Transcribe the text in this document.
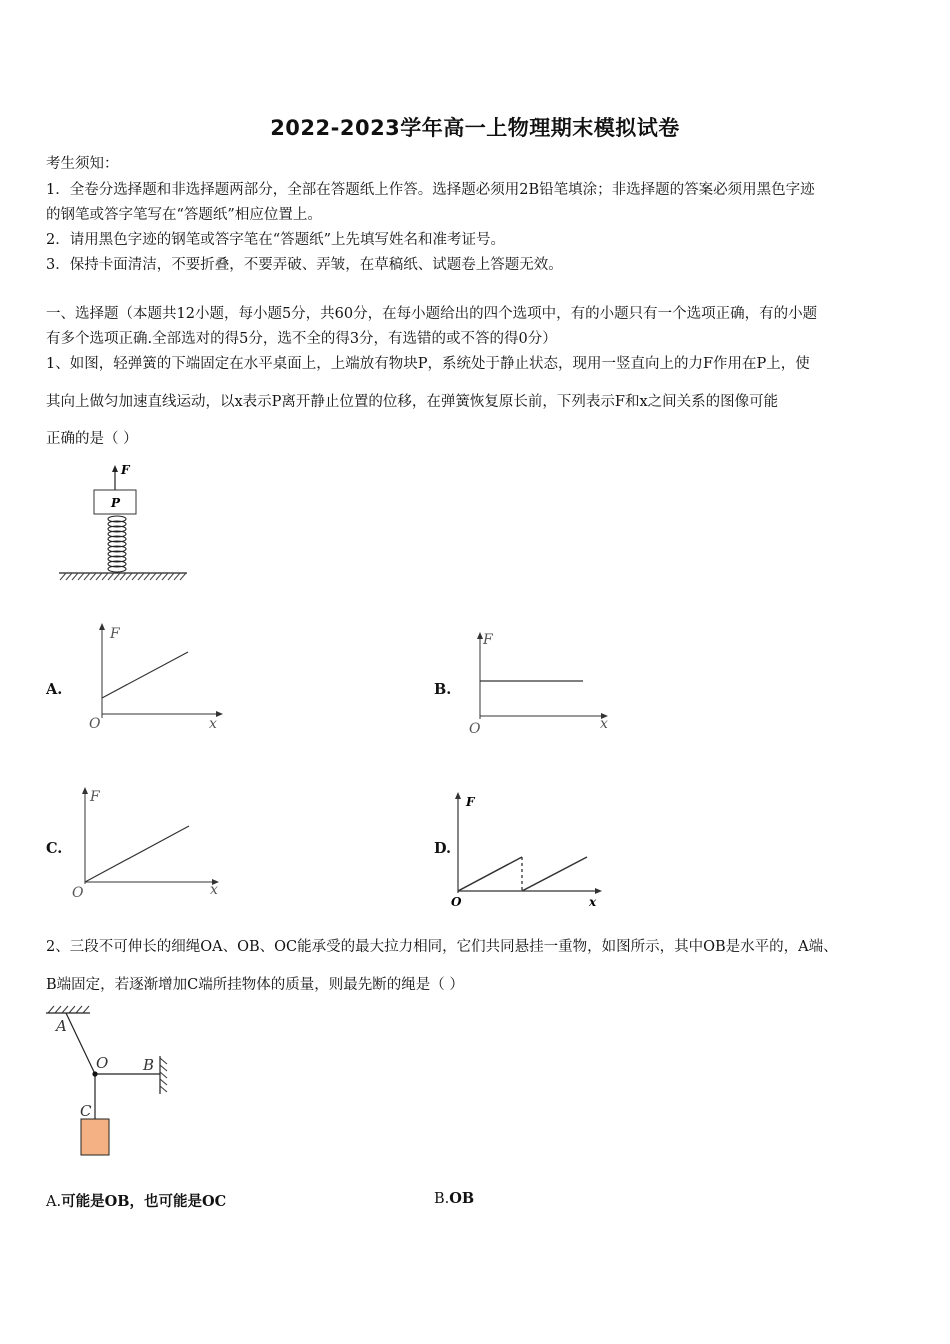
2022-2023学年高一上物理期末模拟试卷
考生须知：
1．全卷分选择题和非选择题两部分，全部在答题纸上作答。选择题必须用2B铅笔填涂；非选择题的答案必须用黑色字迹
的钢笔或答字笔写在“答题纸”相应位置上。
2．请用黑色字迹的钢笔或答字笔在“答题纸”上先填写姓名和准考证号。
3．保持卡面清洁，不要折叠，不要弄破、弄皱，在草稿纸、试题卷上答题无效。
一、选择题（本题共12小题，每小题5分，共60分，在每小题给出的四个选项中，有的小题只有一个选项正确，有的小题
有多个选项正确.全部选对的得5分，选不全的得3分，有选错的或不答的得0分）
1、如图，轻弹簧的下端固定在水平桌面上，上端放有物块P，系统处于静止状态，现用一竖直向上的力F作用在P上，使
其向上做匀加速直线运动，以x表示P离开静止位置的位移，在弹簧恢复原长前，下列表示F和x之间关系的图像可能
正确的是（ ）
F
P
A.
F
O	x
B.
F
O	x
C.
F
O	x
D.
F
O	x
2、三段不可伸长的细绳OA、OB、OC能承受的最大拉力相同，它们共同悬挂一重物，如图所示，其中OB是水平的，A端、
B端固定，若逐渐增加C端所挂物体的质量，则最先断的绳是（ ）
A
O B
C
A.可能是OB，也可能是OC	B.OB
